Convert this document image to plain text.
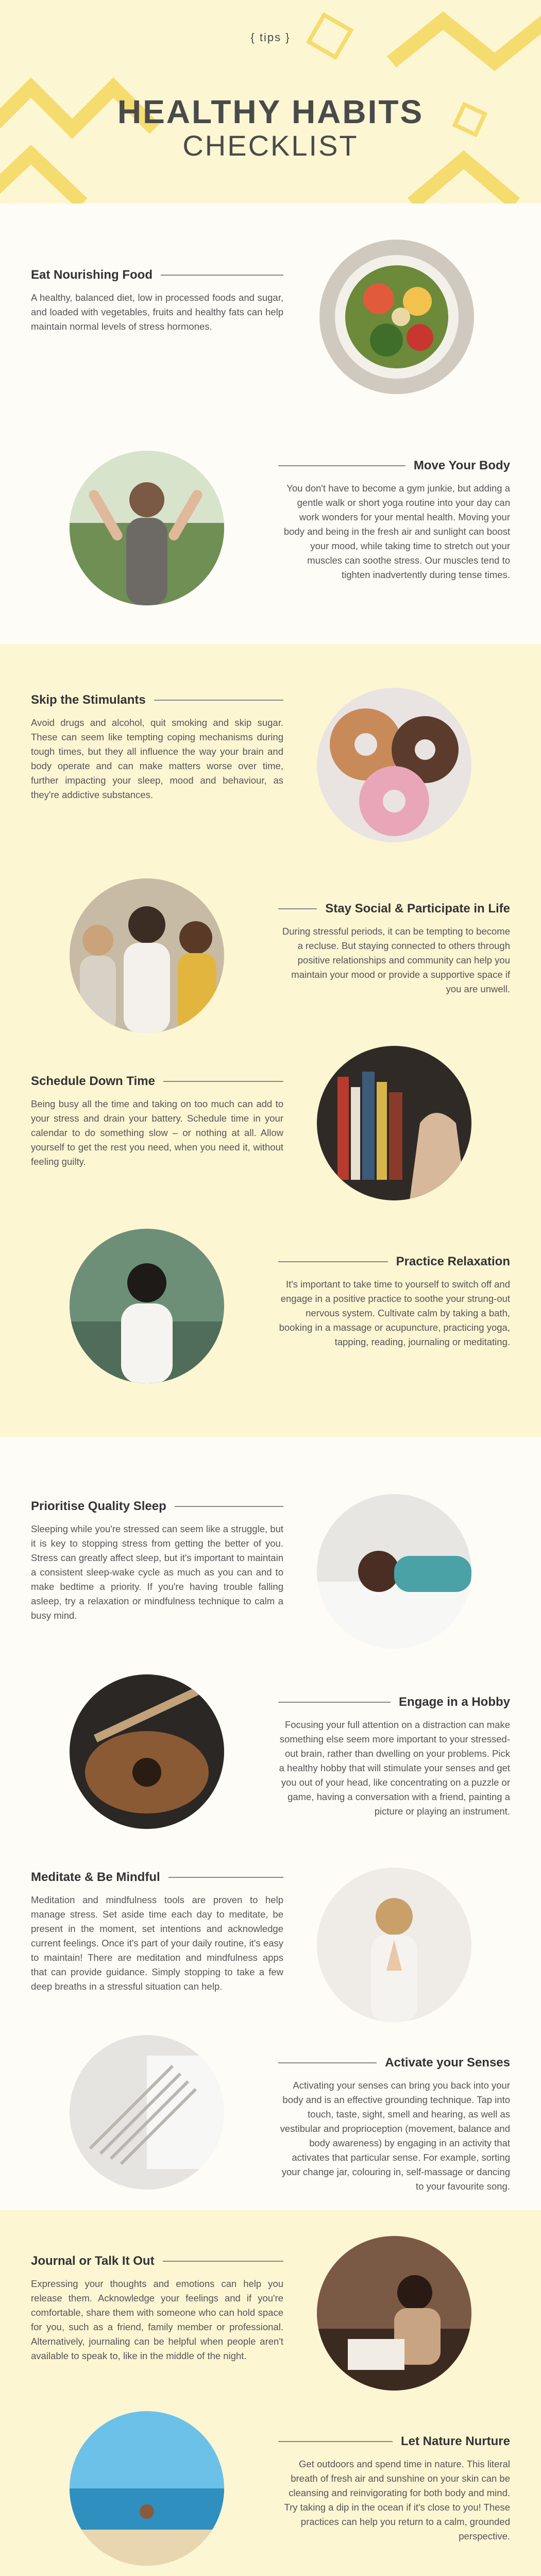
{ tips }
HEALTHY HABITS
CHECKLIST
Eat Nourishing Food

A healthy, balanced diet, low in processed foods and sugar, and loaded with vegetables, fruits and healthy fats can help maintain normal levels of stress hormones.

Move Your Body

You don't have to become a gym junkie, but adding a gentle walk or short yoga routine into your day can work wonders for your mental health. Moving your body and being in the fresh air and sunlight can boost your mood, while taking time to stretch out your muscles can soothe stress. Our muscles tend to tighten inadvertently during tense times.

Skip the Stimulants

Avoid drugs and alcohol, quit smoking and skip sugar. These can seem like tempting coping mechanisms during tough times, but they all influence the way your brain and body operate and can make matters worse over time, further impacting your sleep, mood and behaviour, as they're addictive substances.

Stay Social & Participate in Life

During stressful periods, it can be tempting to become a recluse. But staying connected to others through positive relationships and community can help you maintain your mood or provide a supportive space if you are unwell.

Schedule Down Time

Being busy all the time and taking on too much can add to your stress and drain your battery. Schedule time in your calendar to do something slow – or nothing at all. Allow yourself to get the rest you need, when you need it, without feeling guilty.

Practice Relaxation

It's important to take time to yourself to switch off and engage in a positive practice to soothe your strung-out nervous system. Cultivate calm by taking a bath, booking in a massage or acupuncture, practicing yoga, tapping, reading, journaling or meditating.

Prioritise Quality Sleep

Sleeping while you're stressed can seem like a struggle, but it is key to stopping stress from getting the better of you. Stress can greatly affect sleep, but it's important to maintain a consistent sleep-wake cycle as much as you can and to make bedtime a priority. If you're having trouble falling asleep, try a relaxation or mindfulness technique to calm a busy mind.

Engage in a Hobby

Focusing your full attention on a distraction can make something else seem more important to your stressed-out brain, rather than dwelling on your problems. Pick a healthy hobby that will stimulate your senses and get you out of your head, like concentrating on a puzzle or game, having a conversation with a friend, painting a picture or playing an instrument.

Meditate & Be Mindful

Meditation and mindfulness tools are proven to help manage stress. Set aside time each day to meditate, be present in the moment, set intentions and acknowledge current feelings. Once it's part of your daily routine, it's easy to maintain! There are meditation and mindfulness apps that can provide guidance. Simply stopping to take a few deep breaths in a stressful situation can help.

Activate your Senses

Activating your senses can bring you back into your body and is an effective grounding technique. Tap into touch, taste, sight, smell and hearing, as well as vestibular and proprioception (movement, balance and body awareness) by engaging in an activity that activates that particular sense. For example, sorting your change jar, colouring in, self-massage or dancing to your favourite song.

Journal or Talk It Out

Expressing your thoughts and emotions can help you release them. Acknowledge your feelings and if you're comfortable, share them with someone who can hold space for you, such as a friend, family member or professional. Alternatively, journaling can be helpful when people aren't available to speak to, like in the middle of the night.

Let Nature Nurture

Get outdoors and spend time in nature. This literal breath of fresh air and sunshine on your skin can be cleansing and reinvigorating for both body and mind. Try taking a dip in the ocean if it's close to you! These practices can help you return to a calm, grounded perspective.
